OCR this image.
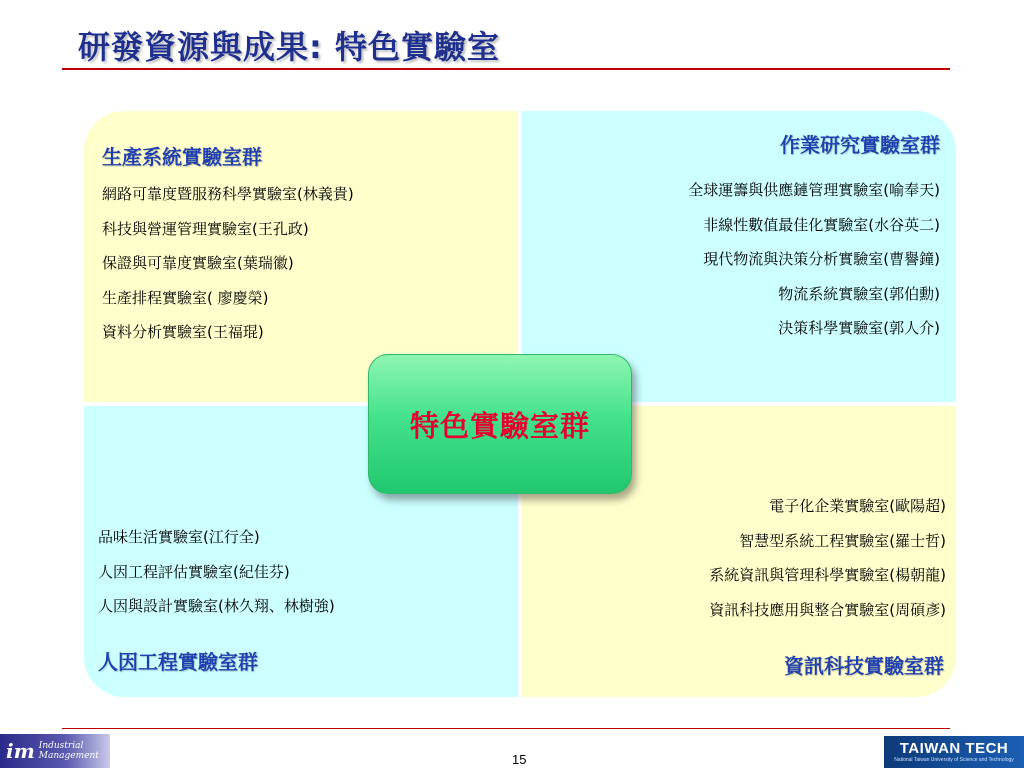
研發資源與成果: 特色實驗室
生產系統實驗室群
網路可靠度暨服務科學實驗室(林義貴)
科技與營運管理實驗室(王孔政)
保證與可靠度實驗室(葉瑞徽)
生產排程實驗室( 廖慶榮)
資料分析實驗室(王福琨)
作業研究實驗室群
全球運籌與供應鏈管理實驗室(喻奉天)
非線性數值最佳化實驗室(水谷英二)
現代物流與決策分析實驗室(曹譽鐘)
物流系統實驗室(郭伯勳)
決策科學實驗室(郭人介)
品味生活實驗室(江行全)
人因工程評估實驗室(紀佳芬)
人因與設計實驗室(林久翔、林樹強)
人因工程實驗室群
電子化企業實驗室(歐陽超)
智慧型系統工程實驗室(羅士哲)
系統資訊與管理科學實驗室(楊朝龍)
資訊科技應用與整合實驗室(周碩彥)
資訊科技實驗室群
特色實驗室群
im Industrial
Management	15
TAIWAN TECH
National Taiwan University of Science and Technology
